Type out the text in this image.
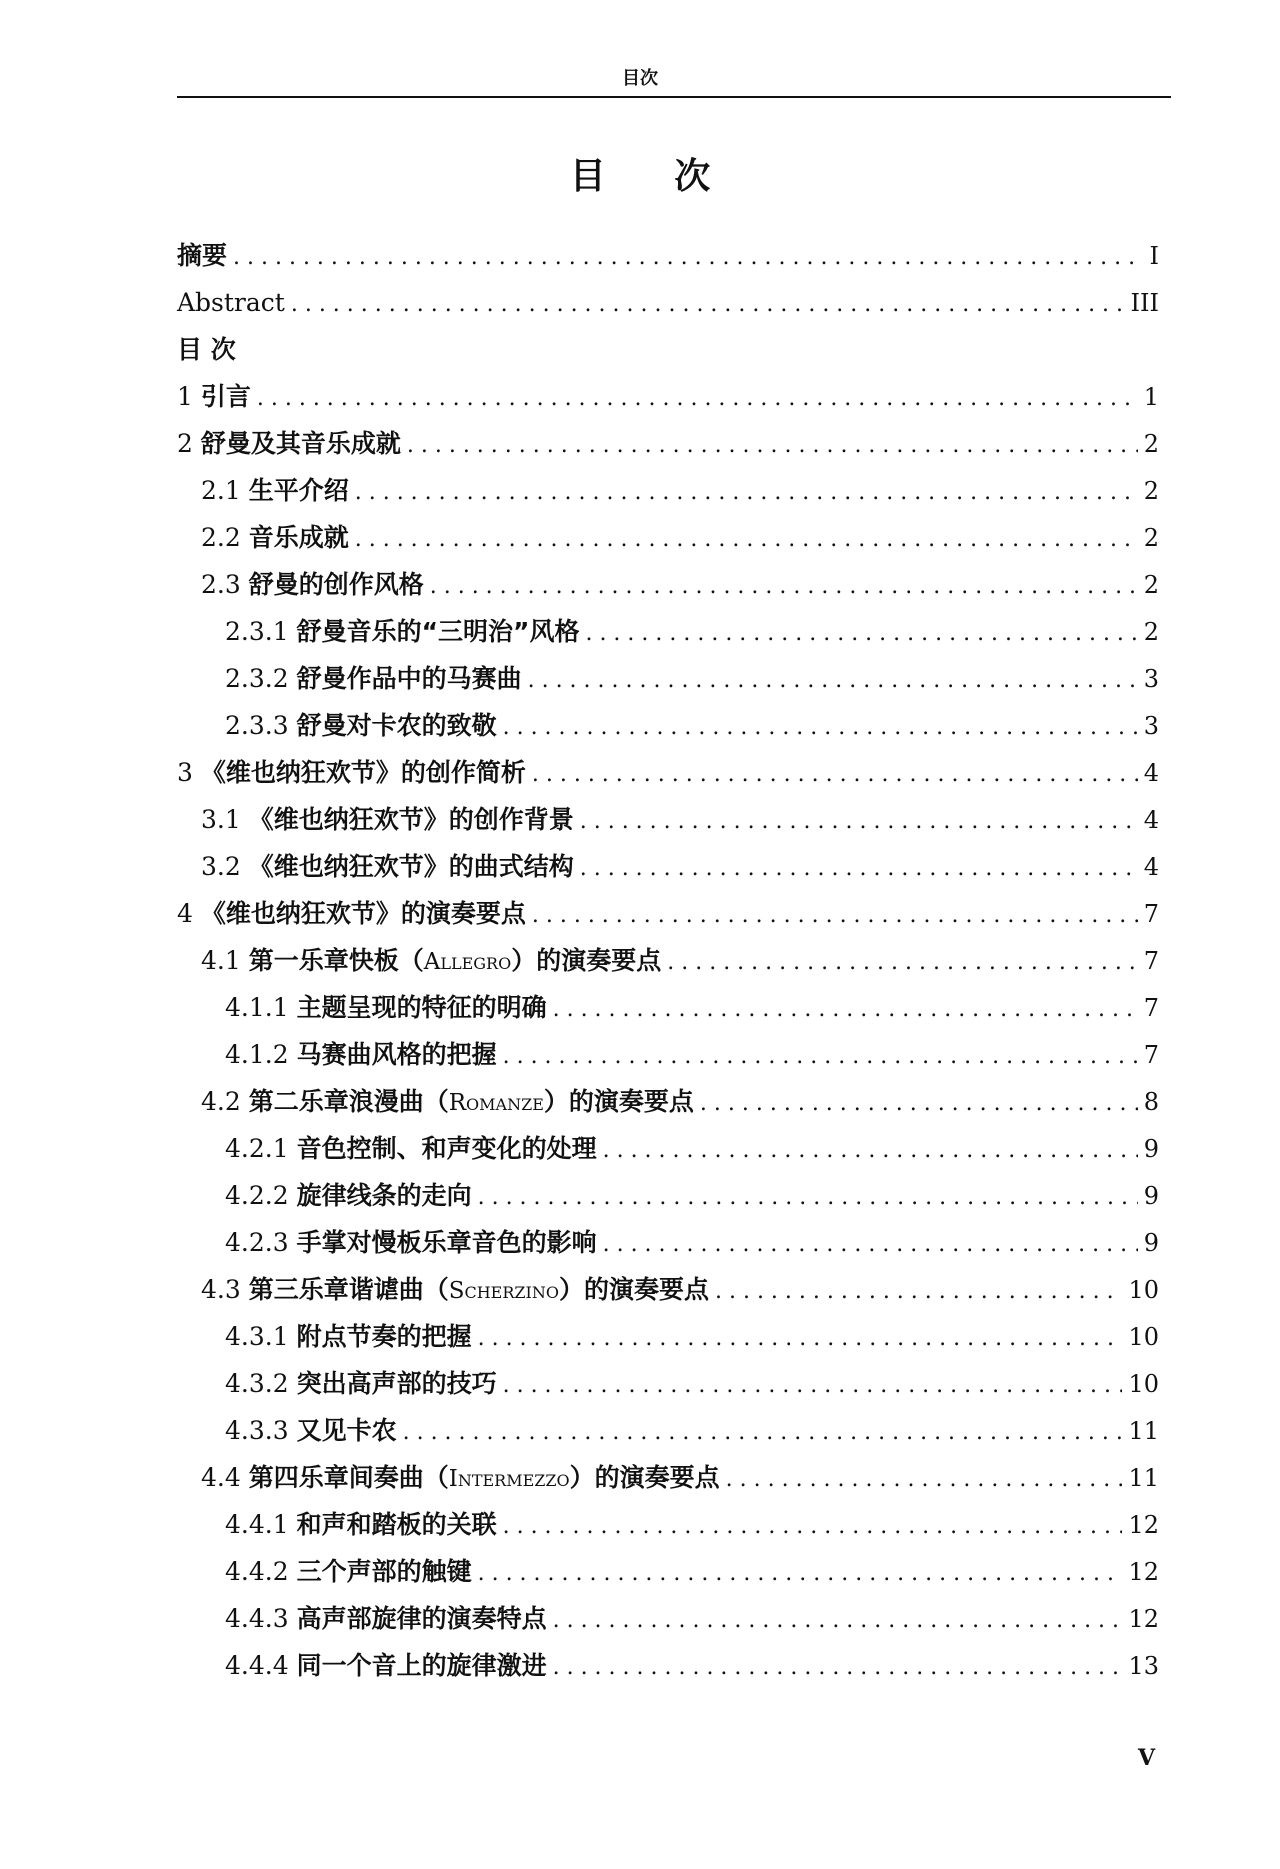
目次
目 次
摘要 . . .	I
Abstract . . .	III
目 次
1 引言 . . .	1
2 舒曼及其音乐成就 . . .	2
2.1 生平介绍 . . .	2
2.2 音乐成就 . . .	2
2.3 舒曼的创作风格 . . .	2
2.3.1 舒曼音乐的“三明治”风格 . . .	2
2.3.2 舒曼作品中的马赛曲 . . .	3
2.3.3 舒曼对卡农的致敬 . . .	3
3 《维也纳狂欢节》的创作简析 . . .	4
3.1 《维也纳狂欢节》的创作背景 . . .	4
3.2 《维也纳狂欢节》的曲式结构 . . .	4
4 《维也纳狂欢节》的演奏要点 . . .	7
4.1 第一乐章快板（Allegro）的演奏要点 . . .	7
4.1.1 主题呈现的特征的明确 . . .	7
4.1.2 马赛曲风格的把握 . . .	7
4.2 第二乐章浪漫曲（Romanze）的演奏要点 . . .	8
4.2.1 音色控制、和声变化的处理 . . .	9
4.2.2 旋律线条的走向 . . .	9
4.2.3 手掌对慢板乐章音色的影响 . . .	9
4.3 第三乐章谐谑曲（Scherzino）的演奏要点 . . .	10
4.3.1 附点节奏的把握 . . .	10
4.3.2 突出高声部的技巧 . . .	10
4.3.3 又见卡农 . . .	11
4.4 第四乐章间奏曲（Intermezzo）的演奏要点 . . .	11
4.4.1 和声和踏板的关联 . . .	12
4.4.2 三个声部的触键 . . .	12
4.4.3 高声部旋律的演奏特点 . . .	12
4.4.4 同一个音上的旋律激进 . . .	13
V
